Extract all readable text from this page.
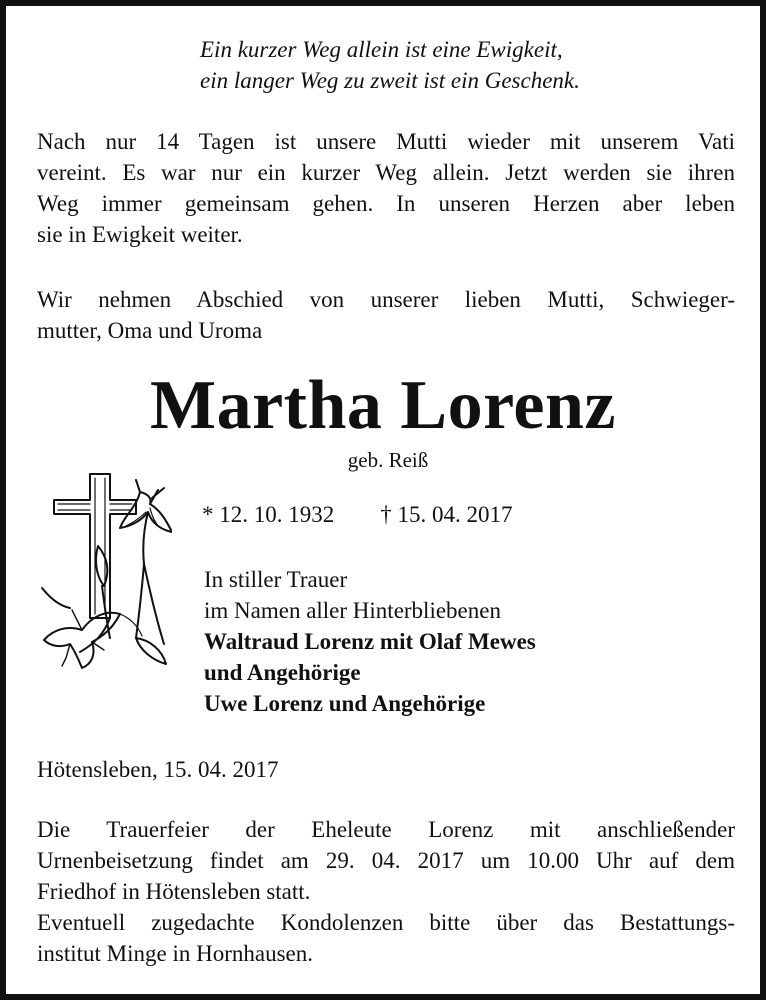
Ein kurzer Weg allein ist eine Ewigkeit,
ein langer Weg zu zweit ist ein Geschenk.
Nach nur 14 Tagen ist unsere Mutti wieder mit unserem Vati
vereint. Es war nur ein kurzer Weg allein. Jetzt werden sie ihren
Weg immer gemeinsam gehen. In unseren Herzen aber leben
sie in Ewigkeit weiter.
Wir nehmen Abschied von unserer lieben Mutti, Schwieger-
mutter, Oma und Uroma
Martha Lorenz
geb. Reiß
* 12. 10. 1932 † 15. 04. 2017
In stiller Trauer
im Namen aller Hinterbliebenen
Waltraud Lorenz mit Olaf Mewes
und Angehörige
Uwe Lorenz und Angehörige
Hötensleben, 15. 04. 2017
Die Trauerfeier der Eheleute Lorenz mit anschließender
Urnenbeisetzung findet am 29. 04. 2017 um 10.00 Uhr auf dem
Friedhof in Hötensleben statt.
Eventuell zugedachte Kondolenzen bitte über das Bestattungs-
institut Minge in Hornhausen.
